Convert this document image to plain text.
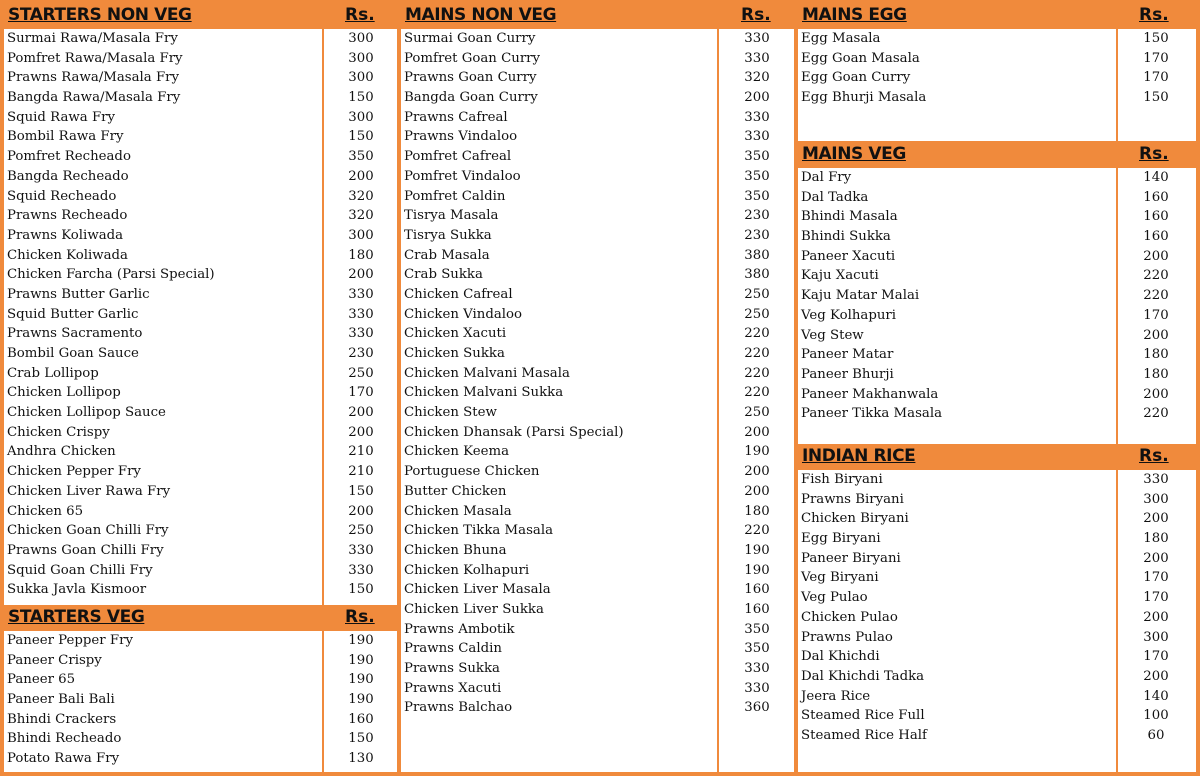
STARTERS NON VEG	Rs.
Surmai Rawa/Masala Fry	300
Pomfret Rawa/Masala Fry	300
Prawns Rawa/Masala Fry	300
Bangda Rawa/Masala Fry	150
Squid Rawa Fry	300
Bombil Rawa Fry	150
Pomfret Recheado	350
Bangda Recheado	200
Squid Recheado	320
Prawns Recheado	320
Prawns Koliwada	300
Chicken Koliwada	180
Chicken Farcha (Parsi Special)	200
Prawns Butter Garlic	330
Squid Butter Garlic	330
Prawns Sacramento	330
Bombil Goan Sauce	230
Crab Lollipop	250
Chicken Lollipop	170
Chicken Lollipop Sauce	200
Chicken Crispy	200
Andhra Chicken	210
Chicken Pepper Fry	210
Chicken Liver Rawa Fry	150
Chicken 65	200
Chicken Goan Chilli Fry	250
Prawns Goan Chilli Fry	330
Squid Goan Chilli Fry	330
Sukka Javla Kismoor	150
STARTERS VEG	Rs.
Paneer Pepper Fry	190
Paneer Crispy	190
Paneer 65	190
Paneer Bali Bali	190
Bhindi Crackers	160
Bhindi Recheado	150
Potato Rawa Fry	130
MAINS NON VEG	Rs.
Surmai Goan Curry	330
Pomfret Goan Curry	330
Prawns Goan Curry	320
Bangda Goan Curry	200
Prawns Cafreal	330
Prawns Vindaloo	330
Pomfret Cafreal	350
Pomfret Vindaloo	350
Pomfret Caldin	350
Tisrya Masala	230
Tisrya Sukka	230
Crab Masala	380
Crab Sukka	380
Chicken Cafreal	250
Chicken Vindaloo	250
Chicken Xacuti	220
Chicken Sukka	220
Chicken Malvani Masala	220
Chicken Malvani Sukka	220
Chicken Stew	250
Chicken Dhansak (Parsi Special)	200
Chicken Keema	190
Portuguese Chicken	200
Butter Chicken	200
Chicken Masala	180
Chicken Tikka Masala	220
Chicken Bhuna	190
Chicken Kolhapuri	190
Chicken Liver Masala	160
Chicken Liver Sukka	160
Prawns Ambotik	350
Prawns Caldin	350
Prawns Sukka	330
Prawns Xacuti	330
Prawns Balchao	360
MAINS EGG	Rs.
Egg Masala	150
Egg Goan Masala	170
Egg Goan Curry	170
Egg Bhurji Masala	150
MAINS VEG	Rs.
Dal Fry	140
Dal Tadka	160
Bhindi Masala	160
Bhindi Sukka	160
Paneer Xacuti	200
Kaju Xacuti	220
Kaju Matar Malai	220
Veg Kolhapuri	170
Veg Stew	200
Paneer Matar	180
Paneer Bhurji	180
Paneer Makhanwala	200
Paneer Tikka Masala	220
INDIAN RICE	Rs.
Fish Biryani	330
Prawns Biryani	300
Chicken Biryani	200
Egg Biryani	180
Paneer Biryani	200
Veg Biryani	170
Veg Pulao	170
Chicken Pulao	200
Prawns Pulao	300
Dal Khichdi	170
Dal Khichdi Tadka	200
Jeera Rice	140
Steamed Rice Full	100
Steamed Rice Half	60
